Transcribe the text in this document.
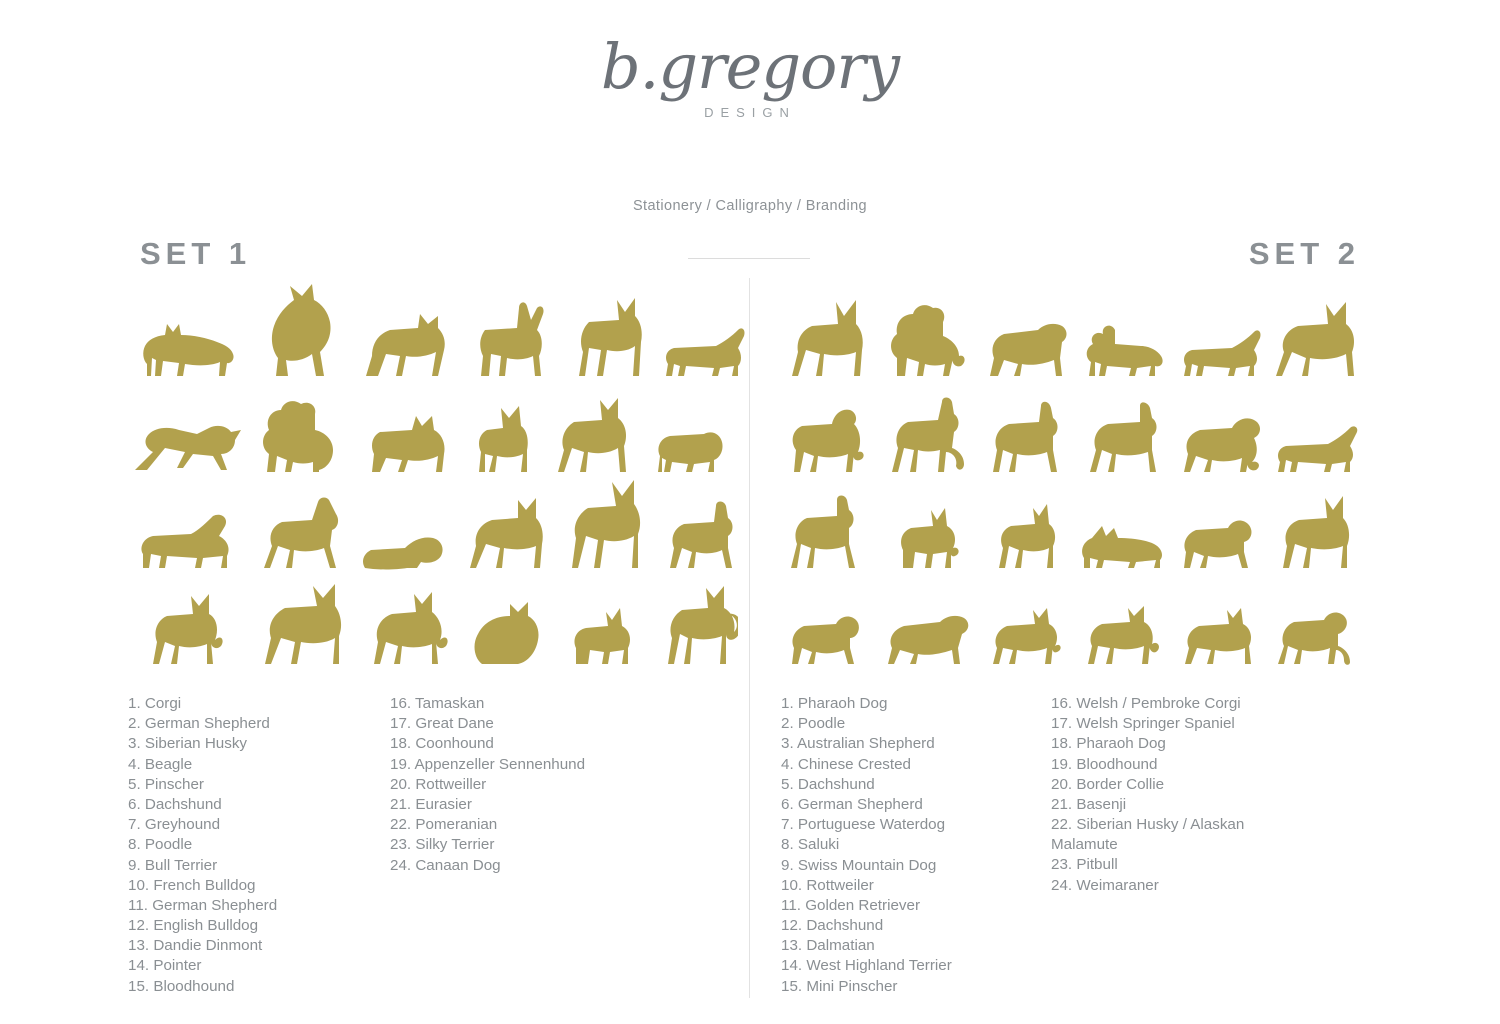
b.gregory
DESIGN
Stationery / Calligraphy / Branding
SET 1	SET 2
1. Corgi
2. German Shepherd
3. Siberian Husky
4. Beagle
5. Pinscher
6. Dachshund
7. Greyhound
8. Poodle
9. Bull Terrier
10. French Bulldog
11. German Shepherd
12. English Bulldog
13. Dandie Dinmont
14. Pointer
15. Bloodhound
16. Tamaskan
17. Great Dane
18. Coonhound
19. Appenzeller Sennenhund
20. Rottweiller
21. Eurasier
22. Pomeranian
23. Silky Terrier
24. Canaan Dog
1. Pharaoh Dog
2. Poodle
3. Australian Shepherd
4. Chinese Crested
5. Dachshund
6. German Shepherd
7. Portuguese Waterdog
8. Saluki
9. Swiss Mountain Dog
10. Rottweiler
11. Golden Retriever
12. Dachshund
13. Dalmatian
14. West Highland Terrier
15. Mini Pinscher
16. Welsh / Pembroke Corgi
17. Welsh Springer Spaniel
18. Pharaoh Dog
19. Bloodhound
20. Border Collie
21. Basenji
22. Siberian Husky / Alaskan Malamute
23. Pitbull
24. Weimaraner
